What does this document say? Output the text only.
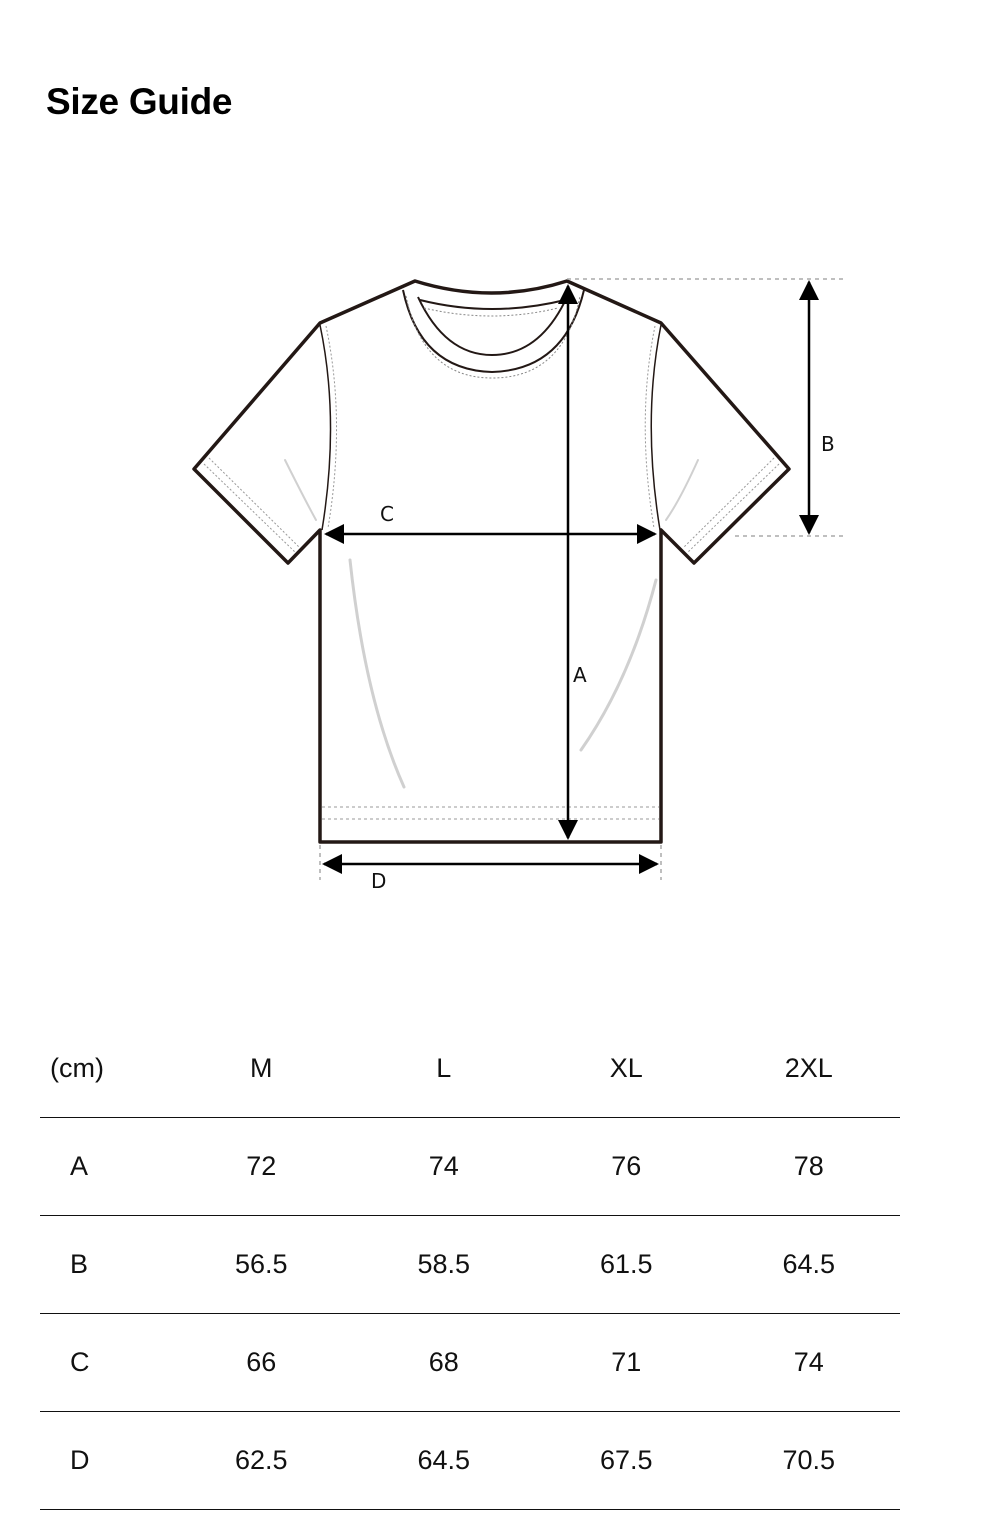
Size Guide
A
B
C
D
(cm)	M	L	XL	2XL
A	72	74	76	78
B	56.5	58.5	61.5	64.5
C	66	68	71	74
D	62.5	64.5	67.5	70.5
